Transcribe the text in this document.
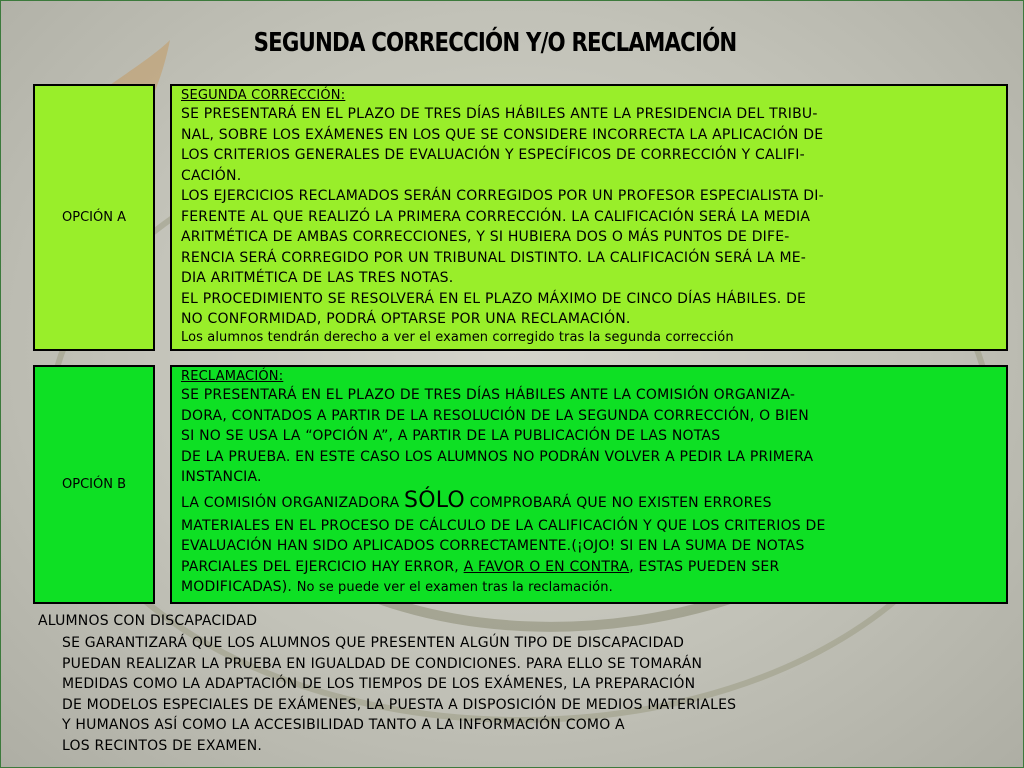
SEGUNDA CORRECCIÓN Y/O RECLAMACIÓN
OPCIÓN A
SEGUNDA CORRECCIÓN:
SE PRESENTARÁ EN EL PLAZO DE TRES DÍAS HÁBILES ANTE LA PRESIDENCIA DEL TRIBU-
NAL, SOBRE LOS EXÁMENES EN LOS QUE SE CONSIDERE INCORRECTA LA APLICACIÓN DE
LOS CRITERIOS GENERALES DE EVALUACIÓN Y ESPECÍFICOS DE CORRECCIÓN Y CALIFI-
CACIÓN.
LOS EJERCICIOS RECLAMADOS SERÁN CORREGIDOS POR UN PROFESOR ESPECIALISTA DI-
FERENTE AL QUE REALIZÓ LA PRIMERA CORRECCIÓN. LA CALIFICACIÓN SERÁ LA MEDIA
ARITMÉTICA DE AMBAS CORRECCIONES, Y SI HUBIERA DOS O MÁS PUNTOS DE DIFE-
RENCIA SERÁ CORREGIDO POR UN TRIBUNAL DISTINTO. LA CALIFICACIÓN SERÁ LA ME-
DIA ARITMÉTICA DE LAS TRES NOTAS.
EL PROCEDIMIENTO SE RESOLVERÁ EN EL PLAZO MÁXIMO DE CINCO DÍAS HÁBILES. DE
NO CONFORMIDAD, PODRÁ OPTARSE POR UNA RECLAMACIÓN.
Los alumnos tendrán derecho a ver el examen corregido tras la segunda corrección
OPCIÓN B
RECLAMACIÓN:
SE PRESENTARÁ EN EL PLAZO DE TRES DÍAS HÁBILES ANTE LA COMISIÓN ORGANIZA-
DORA, CONTADOS A PARTIR DE LA RESOLUCIÓN DE LA SEGUNDA CORRECCIÓN, O BIEN
SI NO SE USA LA “OPCIÓN A”, A PARTIR DE LA PUBLICACIÓN DE LAS NOTAS
DE LA PRUEBA. EN ESTE CASO LOS ALUMNOS NO PODRÁN VOLVER A PEDIR LA PRIMERA
INSTANCIA.
LA COMISIÓN ORGANIZADORA SÓLO COMPROBARÁ QUE NO EXISTEN ERRORES
MATERIALES EN EL PROCESO DE CÁLCULO DE LA CALIFICACIÓN Y QUE LOS CRITERIOS DE
EVALUACIÓN HAN SIDO APLICADOS CORRECTAMENTE.(¡OJO! SI EN LA SUMA DE NOTAS
PARCIALES DEL EJERCICIO HAY ERROR, A FAVOR O EN CONTRA, ESTAS PUEDEN SER
MODIFICADAS). No se puede ver el examen tras la reclamación.
ALUMNOS CON DISCAPACIDAD
SE GARANTIZARÁ QUE LOS ALUMNOS QUE PRESENTEN ALGÚN TIPO DE DISCAPACIDAD
PUEDAN REALIZAR LA PRUEBA EN IGUALDAD DE CONDICIONES. PARA ELLO SE TOMARÁN
MEDIDAS COMO LA ADAPTACIÓN DE LOS TIEMPOS DE LOS EXÁMENES, LA PREPARACIÓN
DE MODELOS ESPECIALES DE EXÁMENES, LA PUESTA A DISPOSICIÓN DE MEDIOS MATERIALES
Y HUMANOS ASÍ COMO LA ACCESIBILIDAD TANTO A LA INFORMACIÓN COMO A
LOS RECINTOS DE EXAMEN.
